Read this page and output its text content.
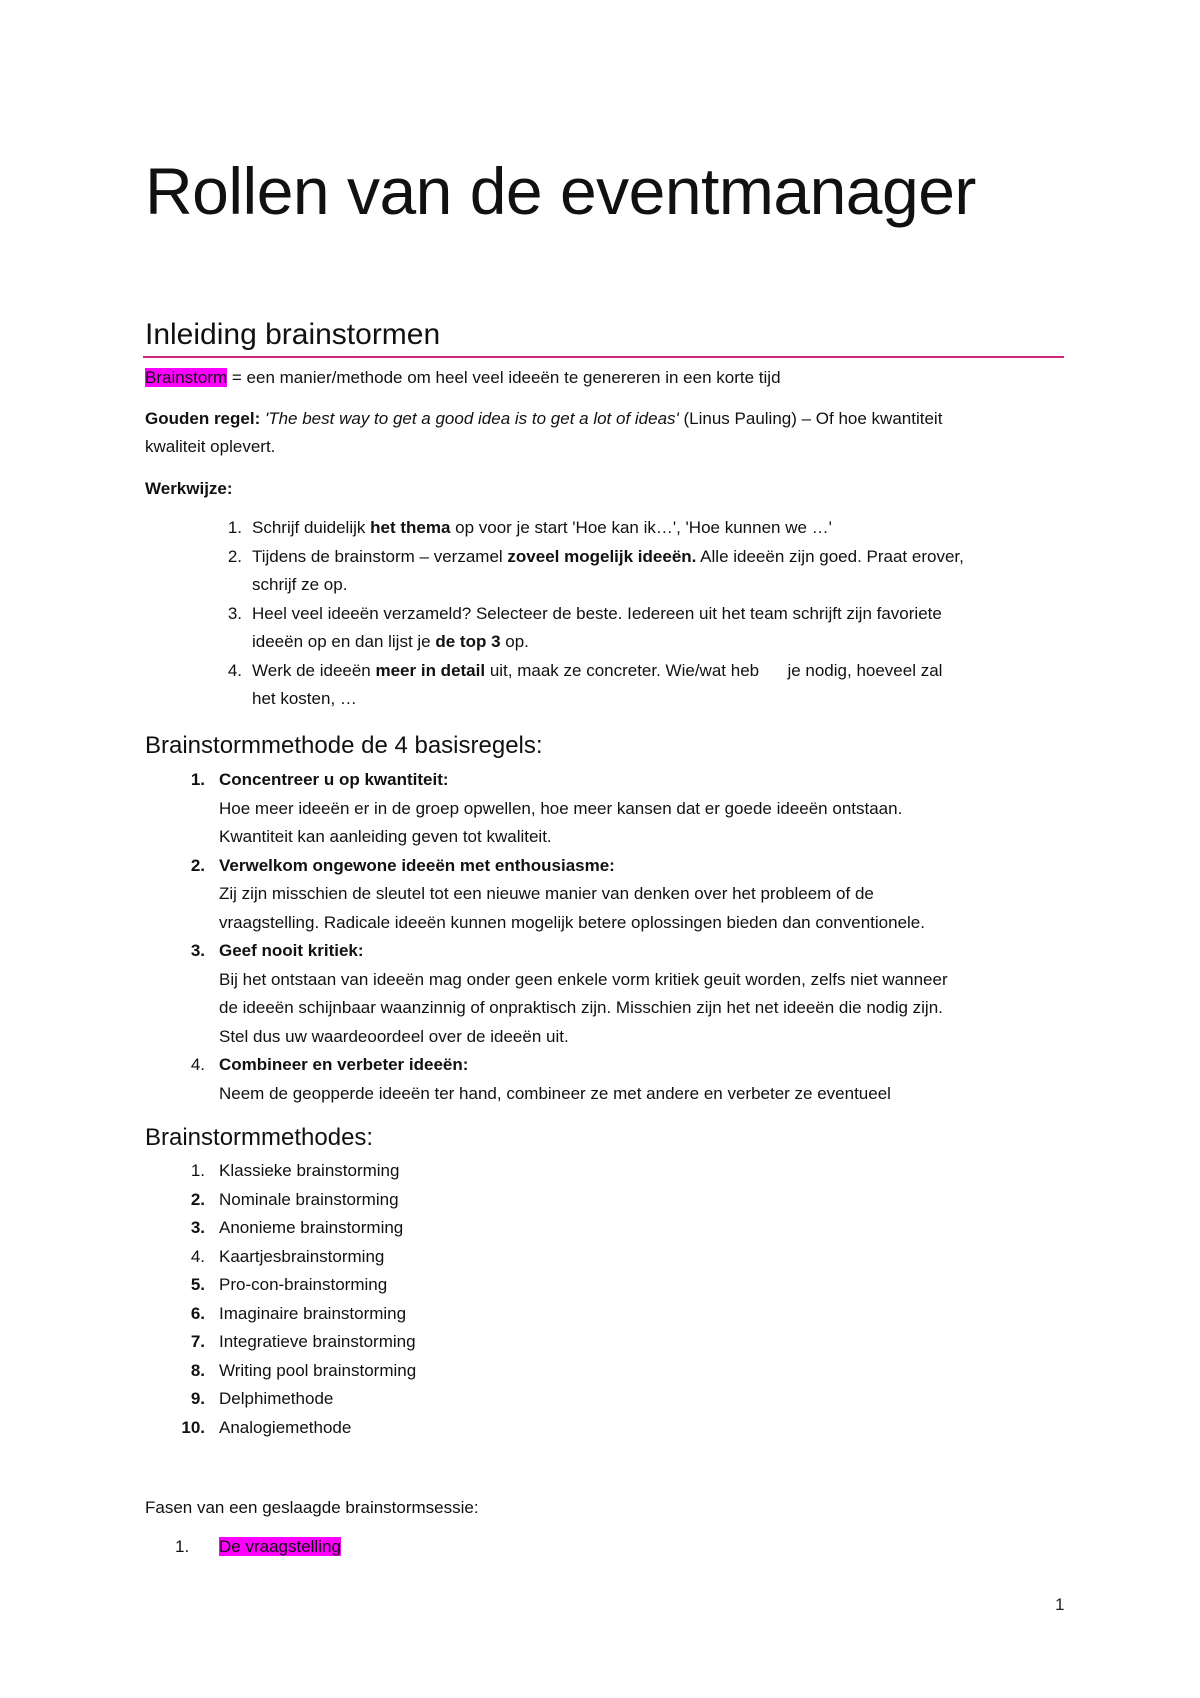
Rollen van de eventmanager
Inleiding brainstormen

Brainstorm = een manier/methode om heel veel ideeën te genereren in een korte tijd

Gouden regel: 'The best way to get a good idea is to get a lot of ideas' (Linus Pauling) – Of hoe kwantiteit
kwaliteit oplevert.

Werkwijze:

1. Schrijf duidelijk het thema op voor je start 'Hoe kan ik…', 'Hoe kunnen we …'
2. Tijdens de brainstorm – verzamel zoveel mogelijk ideeën. Alle ideeën zijn goed. Praat erover,
schrijf ze op.
3. Heel veel ideeën verzameld? Selecteer de beste. Iedereen uit het team schrijft zijn favoriete
ideeën op en dan lijst je de top 3 op.
4. Werk de ideeën meer in detail uit, maak ze concreter. Wie/wat heb      je nodig, hoeveel zal
het kosten, …
Brainstormmethode de 4 basisregels:
1. Concentreer u op kwantiteit:
Hoe meer ideeën er in de groep opwellen, hoe meer kansen dat er goede ideeën ontstaan.
Kwantiteit kan aanleiding geven tot kwaliteit.
2. Verwelkom ongewone ideeën met enthousiasme:
Zij zijn misschien de sleutel tot een nieuwe manier van denken over het probleem of de
vraagstelling. Radicale ideeën kunnen mogelijk betere oplossingen bieden dan conventionele.
3. Geef nooit kritiek:
Bij het ontstaan van ideeën mag onder geen enkele vorm kritiek geuit worden, zelfs niet wanneer
de ideeën schijnbaar waanzinnig of onpraktisch zijn. Misschien zijn het net ideeën die nodig zijn.
Stel dus uw waardeoordeel over de ideeën uit.
4. Combineer en verbeter ideeën:
Neem de geopperde ideeën ter hand, combineer ze met andere en verbeter ze eventueel
Brainstormmethodes:
1. Klassieke brainstorming
2. Nominale brainstorming
3. Anonieme brainstorming
4. Kaartjesbrainstorming
5. Pro-con-brainstorming
6. Imaginaire brainstorming
7. Integratieve brainstorming
8. Writing pool brainstorming
9. Delphimethode
10. Analogiemethode

Fasen van een geslaagde brainstormsessie:

1. De vraagstelling
1
